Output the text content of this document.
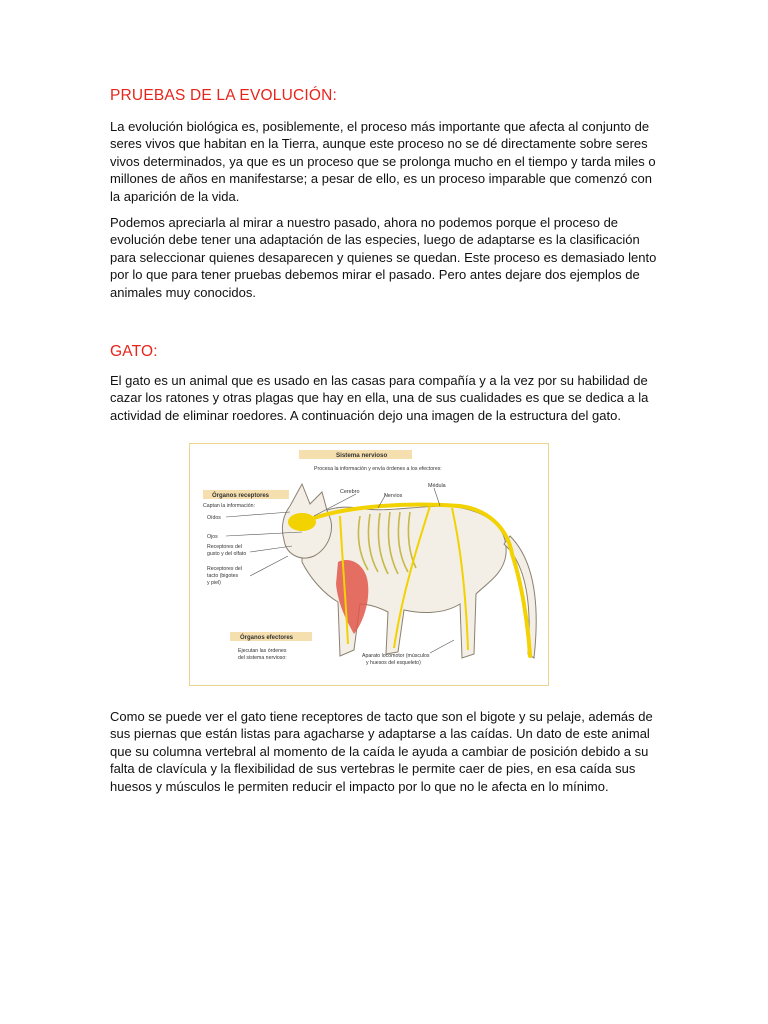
PRUEBAS DE LA EVOLUCIÓN:

La evolución biológica es, posiblemente, el proceso más importante que afecta al conjunto de seres vivos que habitan en la Tierra, aunque este proceso no se dé directamente sobre seres vivos determinados, ya que es un proceso que se prolonga mucho en el tiempo y tarda miles o millones de años en manifestarse; a pesar de ello, es un proceso imparable que comenzó con la aparición de la vida.

Podemos apreciarla al mirar a nuestro pasado, ahora no podemos porque el proceso de evolución debe tener una adaptación de las especies, luego de adaptarse es la clasificación para seleccionar quienes desaparecen y quienes se quedan. Este proceso es demasiado lento por lo que para tener pruebas debemos mirar el pasado. Pero antes dejare dos ejemplos de animales muy conocidos.

GATO:

El gato es un animal que es usado en las casas para compañía y a la vez por su habilidad de cazar los ratones y otras plagas que hay en ella, una de sus cualidades es que se dedica a la actividad de eliminar roedores. A continuación dejo una imagen de la estructura del gato.

Sistema nervioso
Procesa la información y envía órdenes a los efectores:
Cerebro
Nervios
Médula
Órganos receptores
Captan la información:
Oídos
Ojos
Receptores del
gusto y del olfato
Receptores del
tacto (bigotes
y piel)
Órganos efectores
Ejecutan las órdenes
del sistema nervioso:	Aparato locomotor (músculos
y huesos del esqueleto)

Como se puede ver el gato tiene receptores de tacto que son el bigote y su pelaje, además de sus piernas que están listas para agacharse y adaptarse a las caídas. Un dato de este animal que su columna vertebral al momento de la caída le ayuda a cambiar de posición debido a su falta de clavícula y la flexibilidad de sus vertebras le permite caer de pies, en esa caída sus huesos y músculos le permiten reducir el impacto por lo que no le afecta en lo mínimo.
